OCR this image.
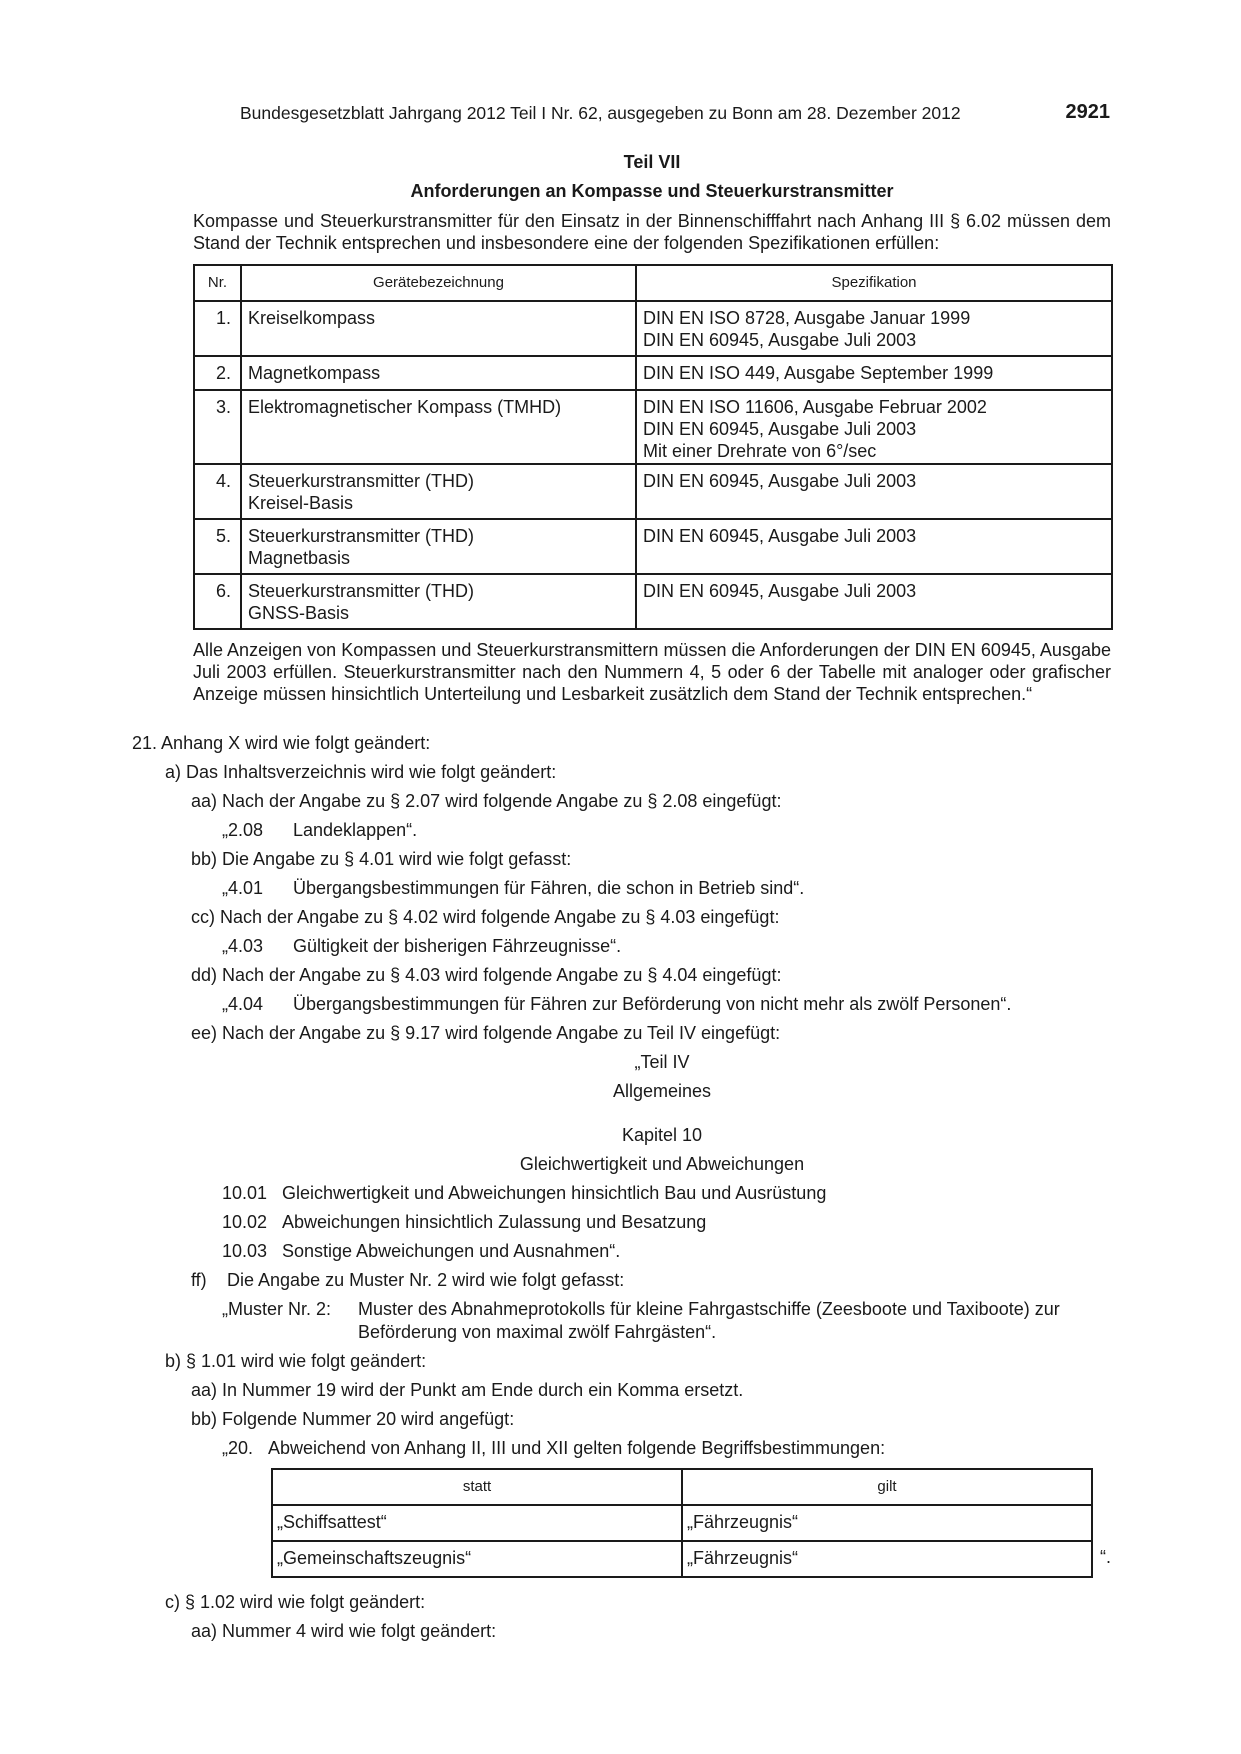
Bundesgesetzblatt Jahrgang 2012 Teil I Nr. 62, ausgegeben zu Bonn am 28. Dezember 2012	2921
Teil VII
Anforderungen an Kompasse und Steuerkurstransmitter
Kompasse und Steuerkurstransmitter für den Einsatz in der Binnenschifffahrt nach Anhang III § 6.02 müssen dem Stand der Technik entsprechen und insbesondere eine der folgenden Spezifikationen erfüllen:
Nr.	Gerätebezeichnung	Spezifikation
1.	Kreiselkompass	DIN EN ISO 8728, Ausgabe Januar 1999
DIN EN 60945, Ausgabe Juli 2003

2.	Magnetkompass	DIN EN ISO 449, Ausgabe September 1999

3.	Elektromagnetischer Kompass (TMHD)	DIN EN ISO 11606, Ausgabe Februar 2002
DIN EN 60945, Ausgabe Juli 2003
Mit einer Drehrate von 6°/sec

4.	Steuerkurstransmitter (THD)
Kreisel-Basis	DIN EN 60945, Ausgabe Juli 2003

5.	Steuerkurstransmitter (THD)
Magnetbasis	DIN EN 60945, Ausgabe Juli 2003

6.	Steuerkurstransmitter (THD)
GNSS-Basis	DIN EN 60945, Ausgabe Juli 2003
Alle Anzeigen von Kompassen und Steuerkurstransmittern müssen die Anforderungen der DIN EN 60945, Ausgabe Juli 2003 erfüllen. Steuerkurstransmitter nach den Nummern 4, 5 oder 6 der Tabelle mit analoger oder grafischer Anzeige müssen hinsichtlich Unterteilung und Lesbarkeit zusätzlich dem Stand der Technik entsprechen.“
21. Anhang X wird wie folgt geändert:
a) Das Inhaltsverzeichnis wird wie folgt geändert:
aa) Nach der Angabe zu § 2.07 wird folgende Angabe zu § 2.08 eingefügt:
„2.08 Landeklappen“.
bb) Die Angabe zu § 4.01 wird wie folgt gefasst:
„4.01 Übergangsbestimmungen für Fähren, die schon in Betrieb sind“.
cc) Nach der Angabe zu § 4.02 wird folgende Angabe zu § 4.03 eingefügt:
„4.03 Gültigkeit der bisherigen Fährzeugnisse“.
dd) Nach der Angabe zu § 4.03 wird folgende Angabe zu § 4.04 eingefügt:
„4.04 Übergangsbestimmungen für Fähren zur Beförderung von nicht mehr als zwölf Personen“.
ee) Nach der Angabe zu § 9.17 wird folgende Angabe zu Teil IV eingefügt:
„Teil IV
Allgemeines
Kapitel 10
Gleichwertigkeit und Abweichungen
10.01 Gleichwertigkeit und Abweichungen hinsichtlich Bau und Ausrüstung
10.02 Abweichungen hinsichtlich Zulassung und Besatzung
10.03 Sonstige Abweichungen und Ausnahmen“.
ff) Die Angabe zu Muster Nr. 2 wird wie folgt gefasst:
„Muster Nr. 2: Muster des Abnahmeprotokolls für kleine Fahrgastschiffe (Zeesboote und Taxiboote) zur
Beförderung von maximal zwölf Fahrgästen“.
b) § 1.01 wird wie folgt geändert:
aa) In Nummer 19 wird der Punkt am Ende durch ein Komma ersetzt.
bb) Folgende Nummer 20 wird angefügt:
„20. Abweichend von Anhang II, III und XII gelten folgende Begriffsbestimmungen:
statt	gilt
„Schiffsattest“	„Fährzeugnis“
„Gemeinschaftszeugnis“	„Fährzeugnis“	“.
c) § 1.02 wird wie folgt geändert:
aa) Nummer 4 wird wie folgt geändert:
